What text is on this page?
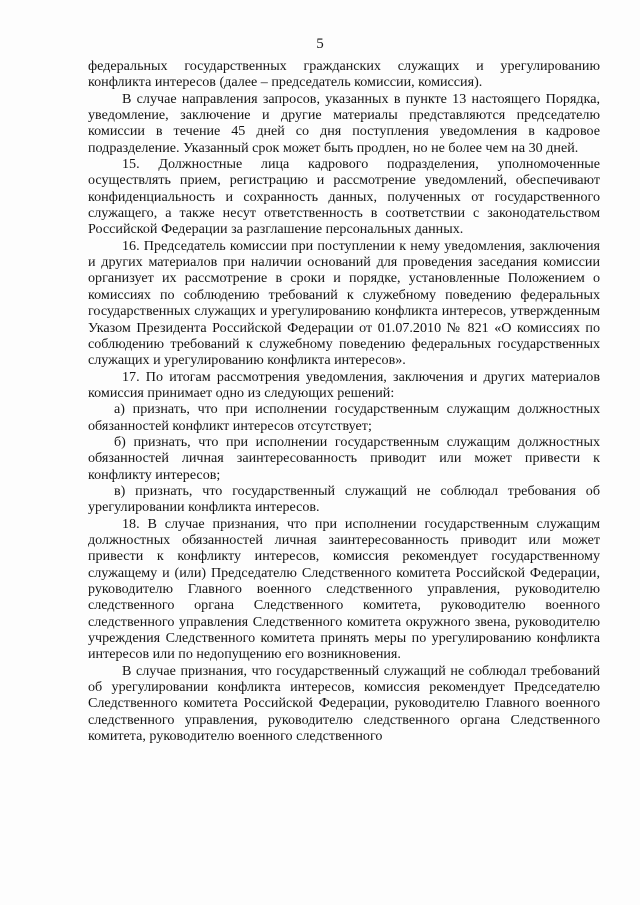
5

федеральных государственных гражданских служащих и урегулированию конфликта интересов (далее – председатель комиссии, комиссия).

В случае направления запросов, указанных в пункте 13 настоящего Порядка, уведомление, заключение и другие материалы представляются председателю комиссии в течение 45 дней со дня поступления уведомления в кадровое подразделение. Указанный срок может быть продлен, но не более чем на 30 дней.

15. Должностные лица кадрового подразделения, уполномоченные осуществлять прием, регистрацию и рассмотрение уведомлений, обеспечивают конфиденциальность и сохранность данных, полученных от государственного служащего, а также несут ответственность в соответствии с законодательством Российской Федерации за разглашение персональных данных.

16. Председатель комиссии при поступлении к нему уведомления, заключения и других материалов при наличии оснований для проведения заседания комиссии организует их рассмотрение в сроки и порядке, установленные Положением о комиссиях по соблюдению требований к служебному поведению федеральных государственных служащих и урегулированию конфликта интересов, утвержденным Указом Президента Российской Федерации от 01.07.2010 № 821 «О комиссиях по соблюдению требований к служебному поведению федеральных государственных служащих и урегулированию конфликта интересов».

17. По итогам рассмотрения уведомления, заключения и других материалов комиссия принимает одно из следующих решений:

а) признать, что при исполнении государственным служащим должностных обязанностей конфликт интересов отсутствует;

б) признать, что при исполнении государственным служащим должностных обязанностей личная заинтересованность приводит или может привести к конфликту интересов;

в) признать, что государственный служащий не соблюдал требования об урегулировании конфликта интересов.

18. В случае признания, что при исполнении государственным служащим должностных обязанностей личная заинтересованность приводит или может привести к конфликту интересов, комиссия рекомендует государственному служащему и (или) Председателю Следственного комитета Российской Федерации, руководителю Главного военного следственного управления, руководителю следственного органа Следственного комитета, руководителю военного следственного управления Следственного комитета окружного звена, руководителю учреждения Следственного комитета принять меры по урегулированию конфликта интересов или по недопущению его возникновения.

В случае признания, что государственный служащий не соблюдал требований об урегулировании конфликта интересов, комиссия рекомендует Председателю Следственного комитета Российской Федерации, руководителю Главного военного следственного управления, руководителю следственного органа Следственного комитета, руководителю военного следственного
